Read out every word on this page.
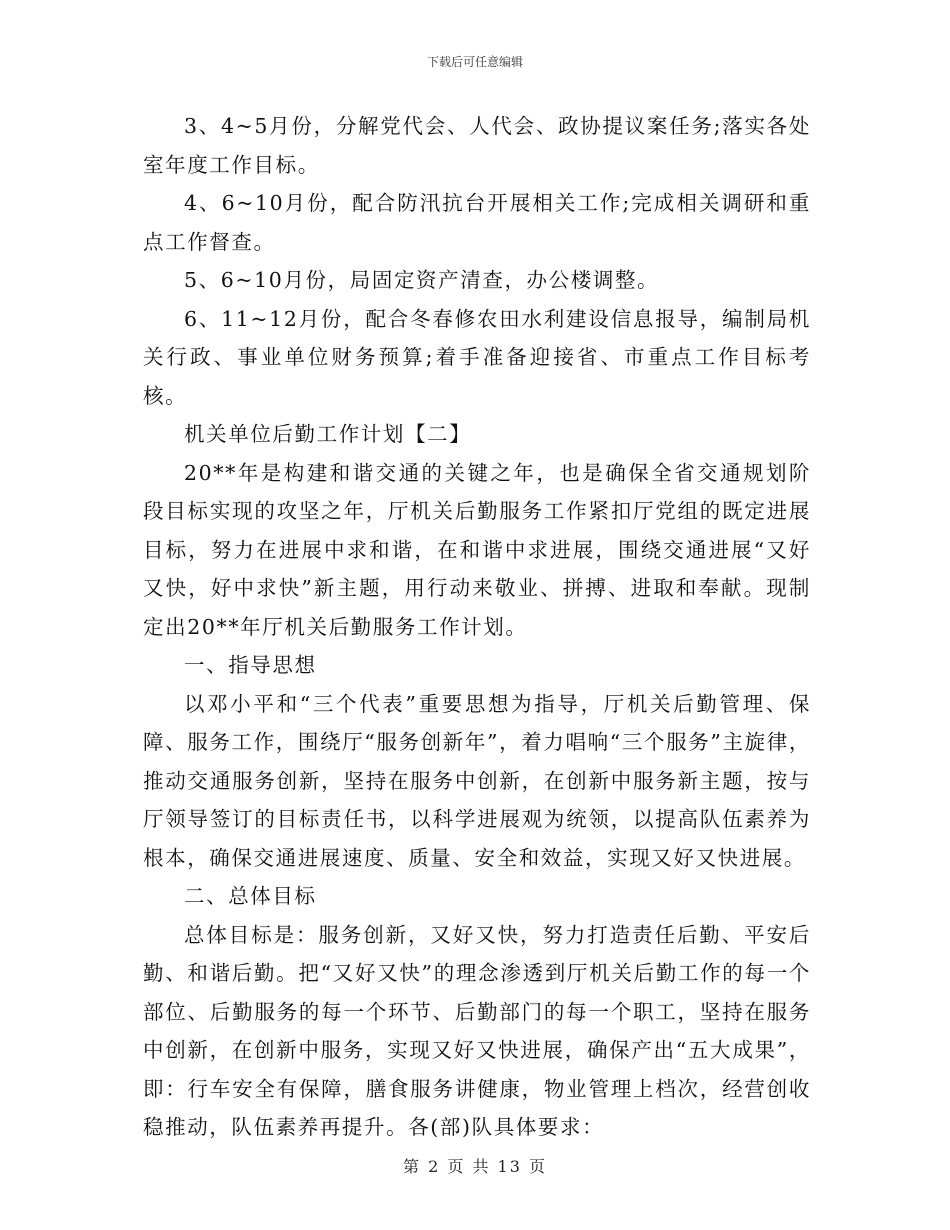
下载后可任意编辑

3、4~5月份，分解党代会、人代会、政协提议案任务;落实各处室年度工作目标。

4、6~10月份，配合防汛抗台开展相关工作;完成相关调研和重点工作督查。

5、6~10月份，局固定资产清查，办公楼调整。

6、11~12月份，配合冬春修农田水利建设信息报导，编制局机关行政、事业单位财务预算;着手准备迎接省、市重点工作目标考核。

机关单位后勤工作计划【二】

20**年是构建和谐交通的关键之年，也是确保全省交通规划阶段目标实现的攻坚之年，厅机关后勤服务工作紧扣厅党组的既定进展目标，努力在进展中求和谐，在和谐中求进展，围绕交通进展“又好又快，好中求快”新主题，用行动来敬业、拼搏、进取和奉献。现制定出20**年厅机关后勤服务工作计划。

一、指导思想

以邓小平和“三个代表”重要思想为指导，厅机关后勤管理、保障、服务工作，围绕厅“服务创新年”，着力唱响“三个服务”主旋律，推动交通服务创新，坚持在服务中创新，在创新中服务新主题，按与厅领导签订的目标责任书，以科学进展观为统领，以提高队伍素养为根本，确保交通进展速度、质量、安全和效益，实现又好又快进展。

二、总体目标

总体目标是：服务创新，又好又快，努力打造责任后勤、平安后勤、和谐后勤。把“又好又快”的理念渗透到厅机关后勤工作的每一个部位、后勤服务的每一个环节、后勤部门的每一个职工，坚持在服务中创新，在创新中服务，实现又好又快进展，确保产出“五大成果”，即：行车安全有保障，膳食服务讲健康，物业管理上档次，经营创收稳推动，队伍素养再提升。各(部)队具体要求：

第 2 页 共 13 页
